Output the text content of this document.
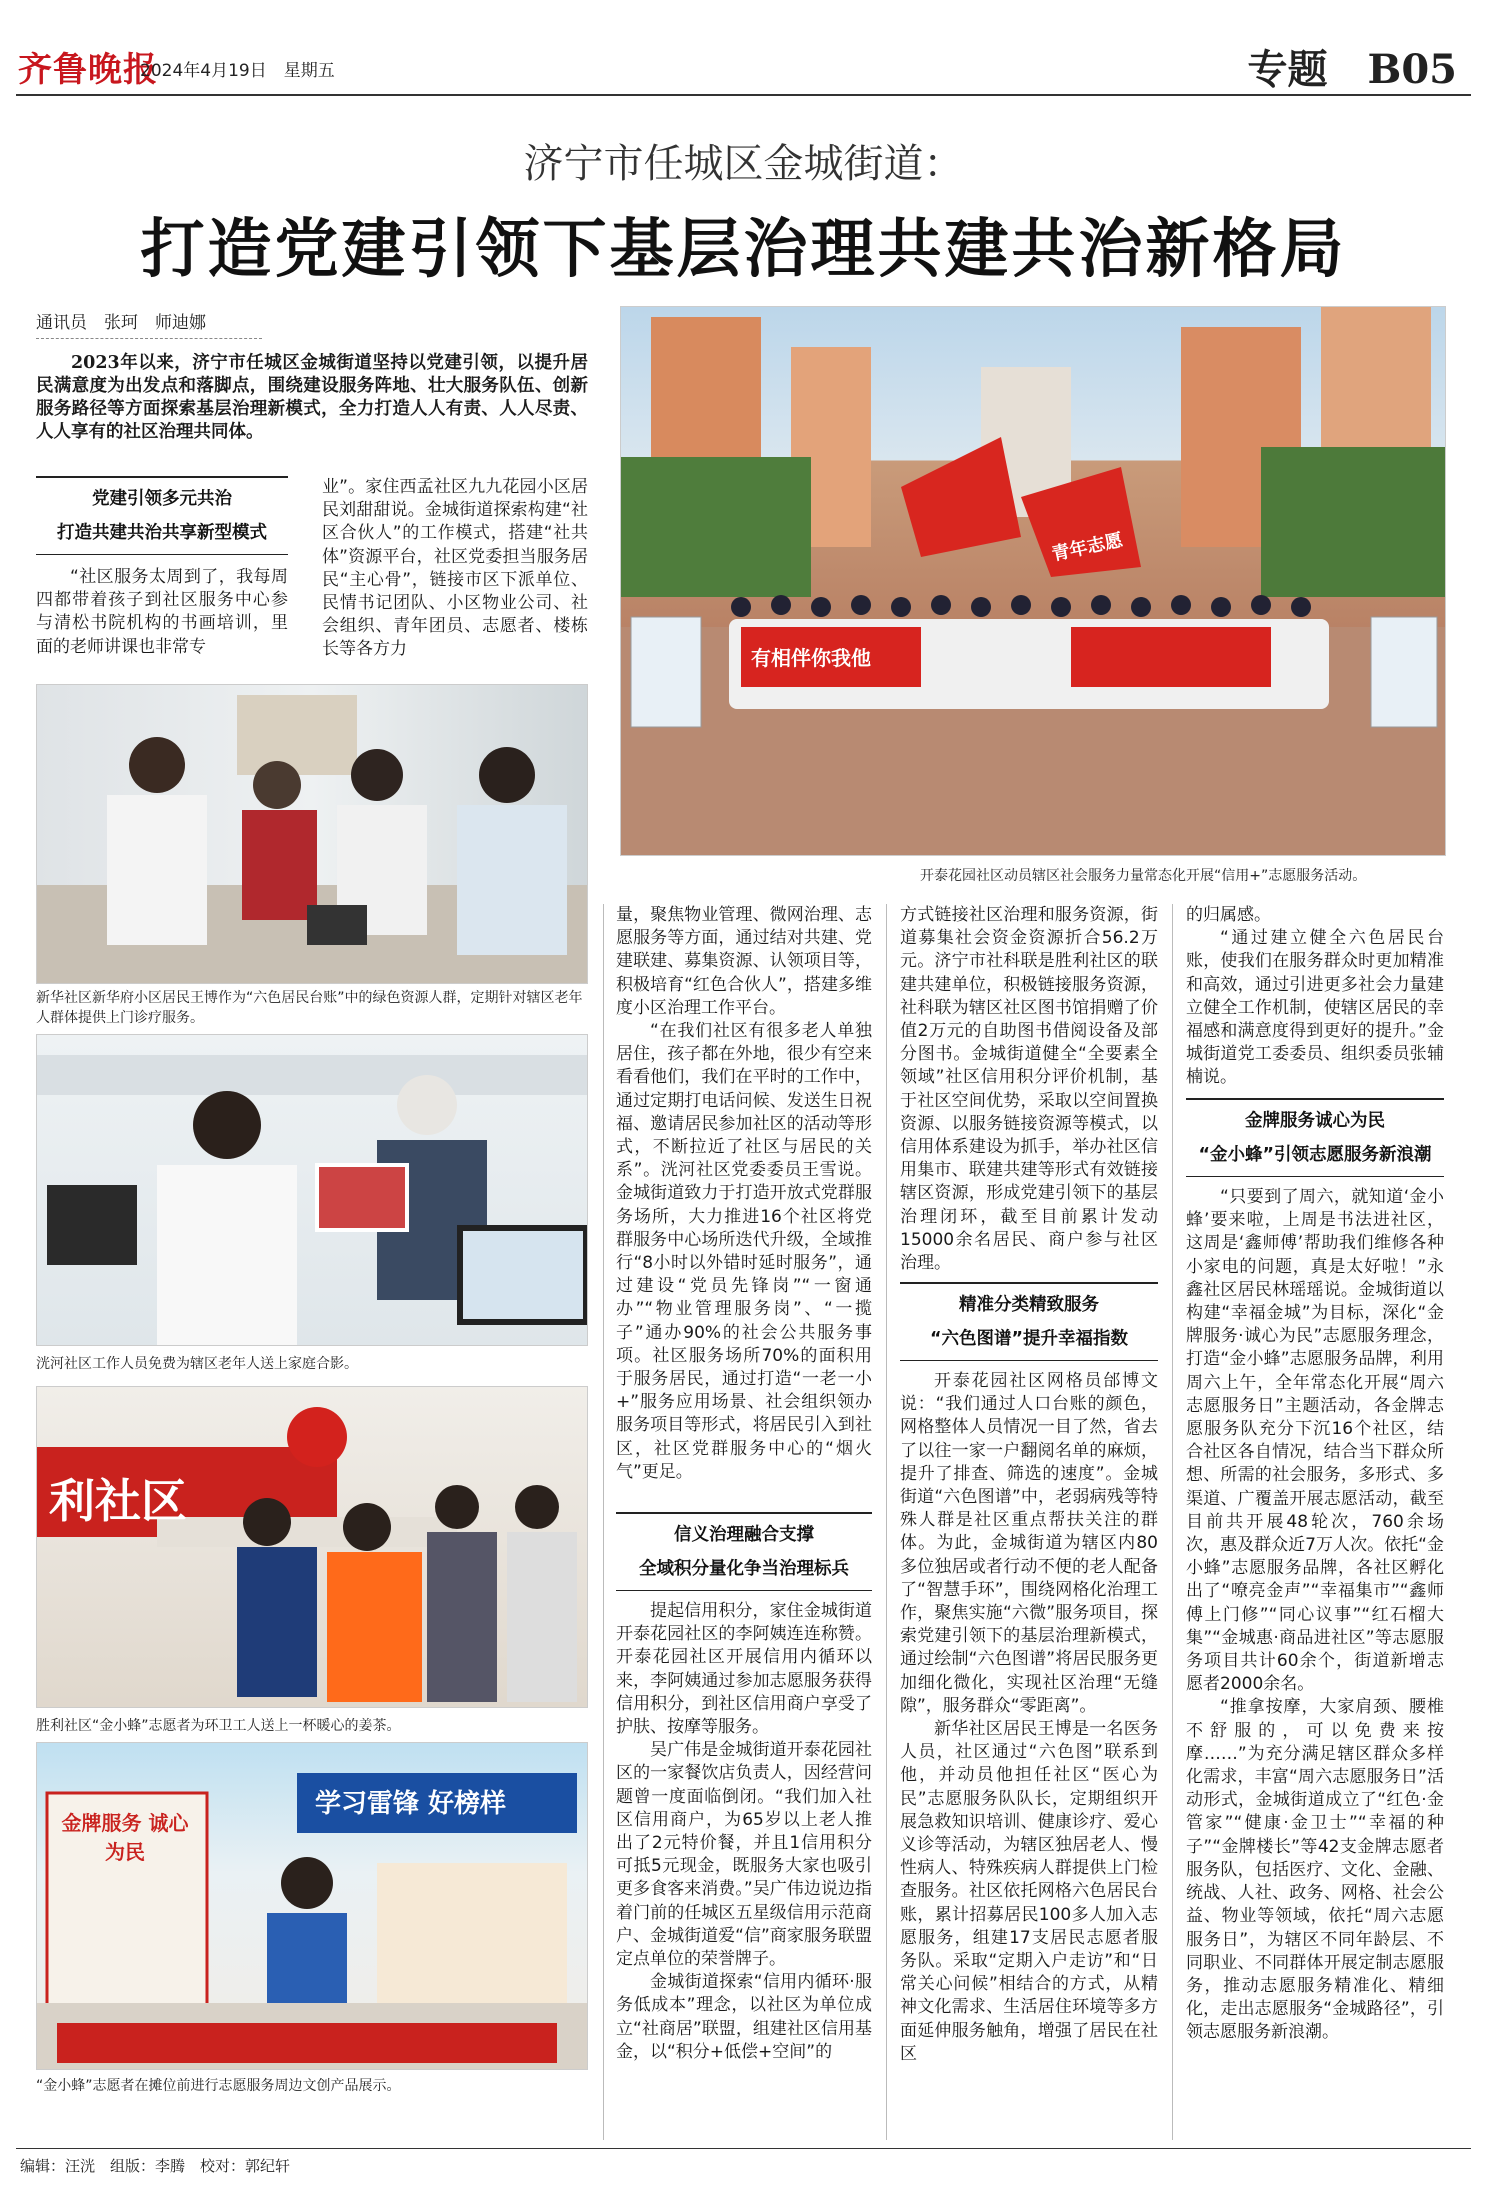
齐鲁晚报
2024年4月19日　 星期五	专题　 B05
济宁市任城区金城街道：
打造党建引领下基层治理共建共治新格局
通讯员　张珂　师迪娜
2023年以来，济宁市任城区金城街道坚持以党建引领，以提升居民满意度为出发点和落脚点，围绕建设服务阵地、壮大服务队伍、创新服务路径等方面探索基层治理新模式，全力打造人人有责、人人尽责、人人享有的社区治理共同体。
有相伴你我他
青年志愿
开泰花园社区动员辖区社会服务力量常态化开展“信用+”志愿服务活动。
党建引领多元共治
打造共建共治共享新型模式

“社区服务太周到了，我每周四都带着孩子到社区服务中心参与清松书院机构的书画培训，里面的老师讲课也非常专

业”。家住西孟社区九九花园小区居民刘甜甜说。金城街道探索构建“社区合伙人”的工作模式，搭建“社共体”资源平台，社区党委担当服务居民“主心骨”，链接市区下派单位、民情书记团队、小区物业公司、社会组织、青年团员、志愿者、楼栋长等各方力

新华社区新华府小区居民王博作为“六色居民台账”中的绿色资源人群，定期针对辖区老年人群体提供上门诊疗服务。
洸河社区工作人员免费为辖区老年人送上家庭合影。
利社区
胜利社区“金小蜂”志愿者为环卫工人送上一杯暖心的姜茶。
学习雷锋 好榜样
金牌服务 诚心为民
“金小蜂”志愿者在摊位前进行志愿服务周边文创产品展示。

量，聚焦物业管理、微网治理、志愿服务等方面，通过结对共建、党建联建、募集资源、认领项目等，积极培育“红色合伙人”，搭建多维度小区治理工作平台。

“在我们社区有很多老人单独居住，孩子都在外地，很少有空来看看他们，我们在平时的工作中，通过定期打电话问候、发送生日祝福、邀请居民参加社区的活动等形式，不断拉近了社区与居民的关系”。洸河社区党委委员王雪说。金城街道致力于打造开放式党群服务场所，大力推进16个社区将党群服务中心场所迭代升级，全域推行“8小时以外错时延时服务”，通过建设“党员先锋岗”“一窗通办”“物业管理服务岗”、“一揽子”通办90%的社会公共服务事项。社区服务场所70%的面积用于服务居民，通过打造“一老一小+”服务应用场景、社会组织领办服务项目等形式，将居民引入到社区，社区党群服务中心的“烟火气”更足。

信义治理融合支撑
全域积分量化争当治理标兵

提起信用积分，家住金城街道开泰花园社区的李阿姨连连称赞。开泰花园社区开展信用内循环以来，李阿姨通过参加志愿服务获得信用积分，到社区信用商户享受了护肤、按摩等服务。

吴广伟是金城街道开泰花园社区的一家餐饮店负责人，因经营问题曾一度面临倒闭。“我们加入社区信用商户，为65岁以上老人推出了2元特价餐，并且1信用积分可抵5元现金，既服务大家也吸引更多食客来消费。”吴广伟边说边指着门前的任城区五星级信用示范商户、金城街道爱“信”商家服务联盟定点单位的荣誉牌子。

金城街道探索“信用内循环·服务低成本”理念，以社区为单位成立“社商居”联盟，组建社区信用基金，以“积分+低偿+空间”的

方式链接社区治理和服务资源，街道募集社会资金资源折合56.2万元。济宁市社科联是胜利社区的联建共建单位，积极链接服务资源，社科联为辖区社区图书馆捐赠了价值2万元的自助图书借阅设备及部分图书。金城街道健全“全要素全领域”社区信用积分评价机制，基于社区空间优势，采取以空间置换资源、以服务链接资源等模式，以信用体系建设为抓手，举办社区信用集市、联建共建等形式有效链接辖区资源，形成党建引领下的基层治理闭环，截至目前累计发动15000余名居民、商户参与社区治理。

精准分类精致服务
“六色图谱”提升幸福指数

开泰花园社区网格员邰博文说：“我们通过人口台账的颜色，网格整体人员情况一目了然，省去了以往一家一户翻阅名单的麻烦，提升了排查、筛选的速度”。金城街道“六色图谱”中，老弱病残等特殊人群是社区重点帮扶关注的群体。为此，金城街道为辖区内80多位独居或者行动不便的老人配备了“智慧手环”，围绕网格化治理工作，聚焦实施“六微”服务项目，探索党建引领下的基层治理新模式，通过绘制“六色图谱”将居民服务更加细化微化，实现社区治理“无缝隙”，服务群众“零距离”。

新华社区居民王博是一名医务人员，社区通过“六色图”联系到他，并动员他担任社区“医心为民”志愿服务队队长，定期组织开展急救知识培训、健康诊疗、爱心义诊等活动，为辖区独居老人、慢性病人、特殊疾病人群提供上门检查服务。社区依托网格六色居民台账，累计招募居民100多人加入志愿服务，组建17支居民志愿者服务队。采取“定期入户走访”和“日常关心问候”相结合的方式，从精神文化需求、生活居住环境等多方面延伸服务触角，增强了居民在社区

的归属感。

“通过建立健全六色居民台账，使我们在服务群众时更加精准和高效，通过引进更多社会力量建立健全工作机制，使辖区居民的幸福感和满意度得到更好的提升。”金城街道党工委委员、组织委员张辅楠说。

金牌服务诚心为民
“金小蜂”引领志愿服务新浪潮

“只要到了周六，就知道‘金小蜂’要来啦，上周是书法进社区，这周是‘鑫师傅’帮助我们维修各种小家电的问题，真是太好啦！”永鑫社区居民林瑶瑶说。金城街道以构建“幸福金城”为目标，深化“金牌服务·诚心为民”志愿服务理念，打造“金小蜂”志愿服务品牌，利用周六上午，全年常态化开展“周六志愿服务日”主题活动，各金牌志愿服务队充分下沉16个社区，结合社区各自情况，结合当下群众所想、所需的社会服务，多形式、多渠道、广覆盖开展志愿活动，截至目前共开展48轮次，760余场次，惠及群众近7万人次。依托“金小蜂”志愿服务品牌，各社区孵化出了“嘹亮金声”“幸福集市”“鑫师傅上门修”“同心议事”“红石榴大集”“金城惠·商品进社区”等志愿服务项目共计60余个，街道新增志愿者2000余名。

“推拿按摩，大家肩颈、腰椎不舒服的，可以免费来按摩……”为充分满足辖区群众多样化需求，丰富“周六志愿服务日”活动形式，金城街道成立了“红色·金管家”“健康·金卫士”“幸福的种子”“金牌楼长”等42支金牌志愿者服务队，包括医疗、文化、金融、统战、人社、政务、网格、社会公益、物业等领域，依托“周六志愿服务日”，为辖区不同年龄层、不同职业、不同群体开展定制志愿服务，推动志愿服务精准化、精细化，走出志愿服务“金城路径”，引领志愿服务新浪潮。

编辑：汪洸　组版：李腾　校对：郭纪轩
